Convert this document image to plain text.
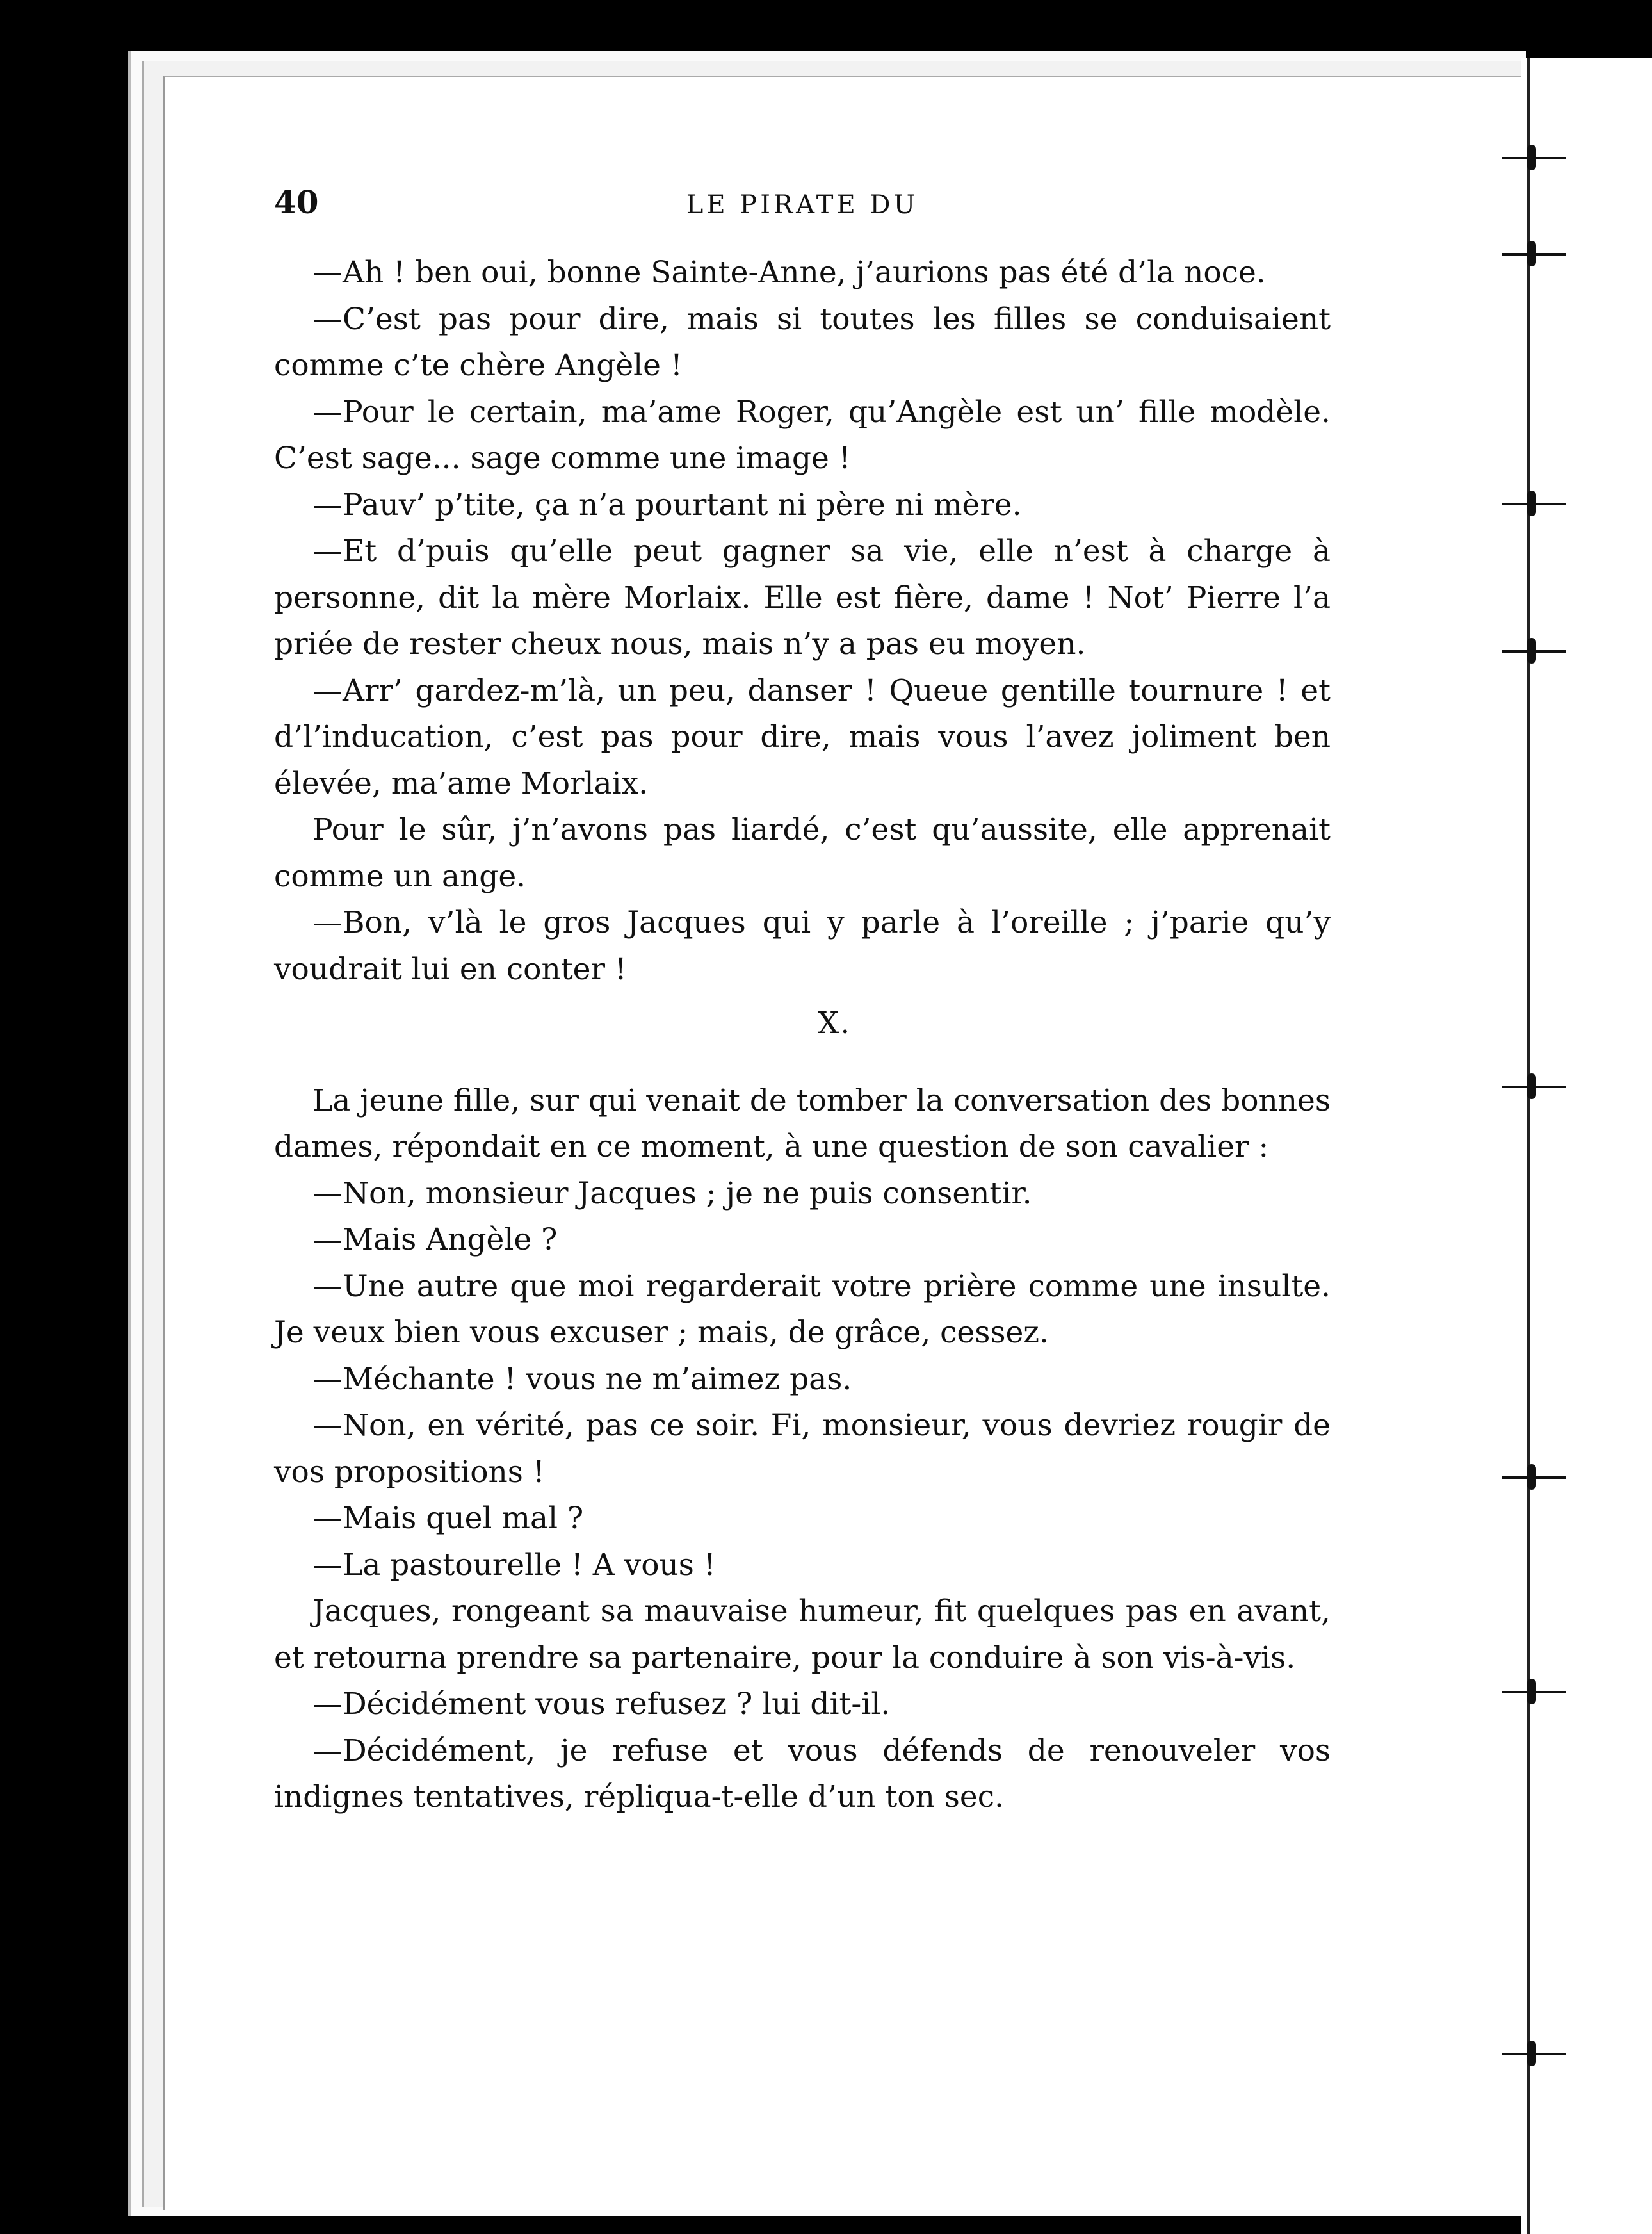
40	LE PIRATE DU

—Ah ! ben oui, bonne Sainte-Anne, j’aurions pas été d’la noce.

—C’est pas pour dire, mais si toutes les filles se conduisaient comme c’te chère Angèle !

—Pour le certain, ma’ame Roger, qu’Angèle est un’ fille modèle. C’est sage... sage comme une image !

—Pauv’ p’tite, ça n’a pourtant ni père ni mère.

—Et d’puis qu’elle peut gagner sa vie, elle n’est à charge à personne, dit la mère Morlaix. Elle est fière, dame ! Not’ Pierre l’a priée de rester cheux nous, mais n’y a pas eu moyen.

—Arr’ gardez-m’là, un peu, danser ! Queue gentille tournure ! et d’l’inducation, c’est pas pour dire, mais vous l’avez joliment ben élevée, ma’ame Morlaix.

Pour le sûr, j’n’avons pas liardé, c’est qu’aussite, elle apprenait comme un ange.

—Bon, v’là le gros Jacques qui y parle à l’oreille ; j’parie qu’y voudrait lui en conter !

X.

La jeune fille, sur qui venait de tomber la conversation des bonnes dames, répondait en ce moment, à une question de son cavalier :

—Non, monsieur Jacques ; je ne puis consentir.

—Mais Angèle ?

—Une autre que moi regarderait votre prière comme une insulte. Je veux bien vous excuser ; mais, de grâce, cessez.

—Méchante ! vous ne m’aimez pas.

—Non, en vérité, pas ce soir. Fi, monsieur, vous devriez rougir de vos propositions !

—Mais quel mal ?

—La pastourelle ! A vous !

Jacques, rongeant sa mauvaise humeur, fit quelques pas en avant, et retourna prendre sa partenaire, pour la conduire à son vis-à-vis.

—Décidément vous refusez ? lui dit-il.

—Décidément, je refuse et vous défends de renouveler vos indignes tentatives, répliqua-t-elle d’un ton sec.
